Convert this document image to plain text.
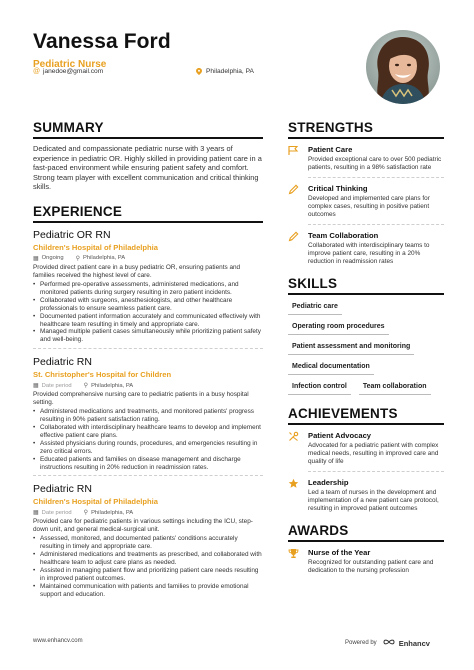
Vanessa Ford
Pediatric Nurse
@ janedoe@gmail.com	Philadelphia, PA
SUMMARY
Dedicated and compassionate pediatric nurse with 3 years of experience in pediatric OR. Highly skilled in providing patient care in a fast-paced environment while ensuring patient safety and comfort. Strong team player with excellent communication and critical thinking skills.
EXPERIENCE
Pediatric OR RN
Children's Hospital of Philadelphia
▦ Ongoing ⚲ Philadelphia, PA
Provided direct patient care in a busy pediatric OR, ensuring patients and families received the highest level of care.
• Performed pre-operative assessments, administered medications, and monitored patients during surgery resulting in zero patient incidents.
• Collaborated with surgeons, anesthesiologists, and other healthcare professionals to ensure seamless patient care.
• Documented patient information accurately and communicated effectively with healthcare team resulting in timely and appropriate care.
• Managed multiple patient cases simultaneously while prioritizing patient safety and well-being.
Pediatric RN
St. Christopher's Hospital for Children
▦ Date period ⚲ Philadelphia, PA
Provided comprehensive nursing care to pediatric patients in a busy hospital setting.
• Administered medications and treatments, and monitored patients' progress resulting in 90% patient satisfaction rating.
• Collaborated with interdisciplinary healthcare teams to develop and implement effective patient care plans.
• Assisted physicians during rounds, procedures, and emergencies resulting in zero critical errors.
• Educated patients and families on disease management and discharge instructions resulting in 20% reduction in readmission rates.
Pediatric RN
Children's Hospital of Philadelphia
▦ Date period ⚲ Philadelphia, PA
Provided care for pediatric patients in various settings including the ICU, step-down unit, and general medical-surgical unit.
• Assessed, monitored, and documented patients' conditions accurately resulting in timely and appropriate care.
• Administered medications and treatments as prescribed, and collaborated with healthcare team to adjust care plans as needed.
• Assisted in managing patient flow and prioritizing patient care needs resulting in improved patient outcomes.
• Maintained communication with patients and families to provide emotional support and education.
STRENGTHS
Patient Care
Provided exceptional care to over 500 pediatric patients, resulting in a 98% satisfaction rate
Critical Thinking
Developed and implemented care plans for complex cases, resulting in positive patient outcomes
Team Collaboration
Collaborated with interdisciplinary teams to improve patient care, resulting in a 20% reduction in readmission rates
SKILLS
Pediatric care
Operating room procedures
Patient assessment and monitoring
Medical documentation
Infection control	Team collaboration
ACHIEVEMENTS
Patient Advocacy
Advocated for a pediatric patient with complex medical needs, resulting in improved care and quality of life
Leadership
Led a team of nurses in the development and implementation of a new patient care protocol, resulting in improved patient outcomes
AWARDS
Nurse of the Year
Recognized for outstanding patient care and dedication to the nursing profession
www.enhancv.com	Powered by	Enhancv
